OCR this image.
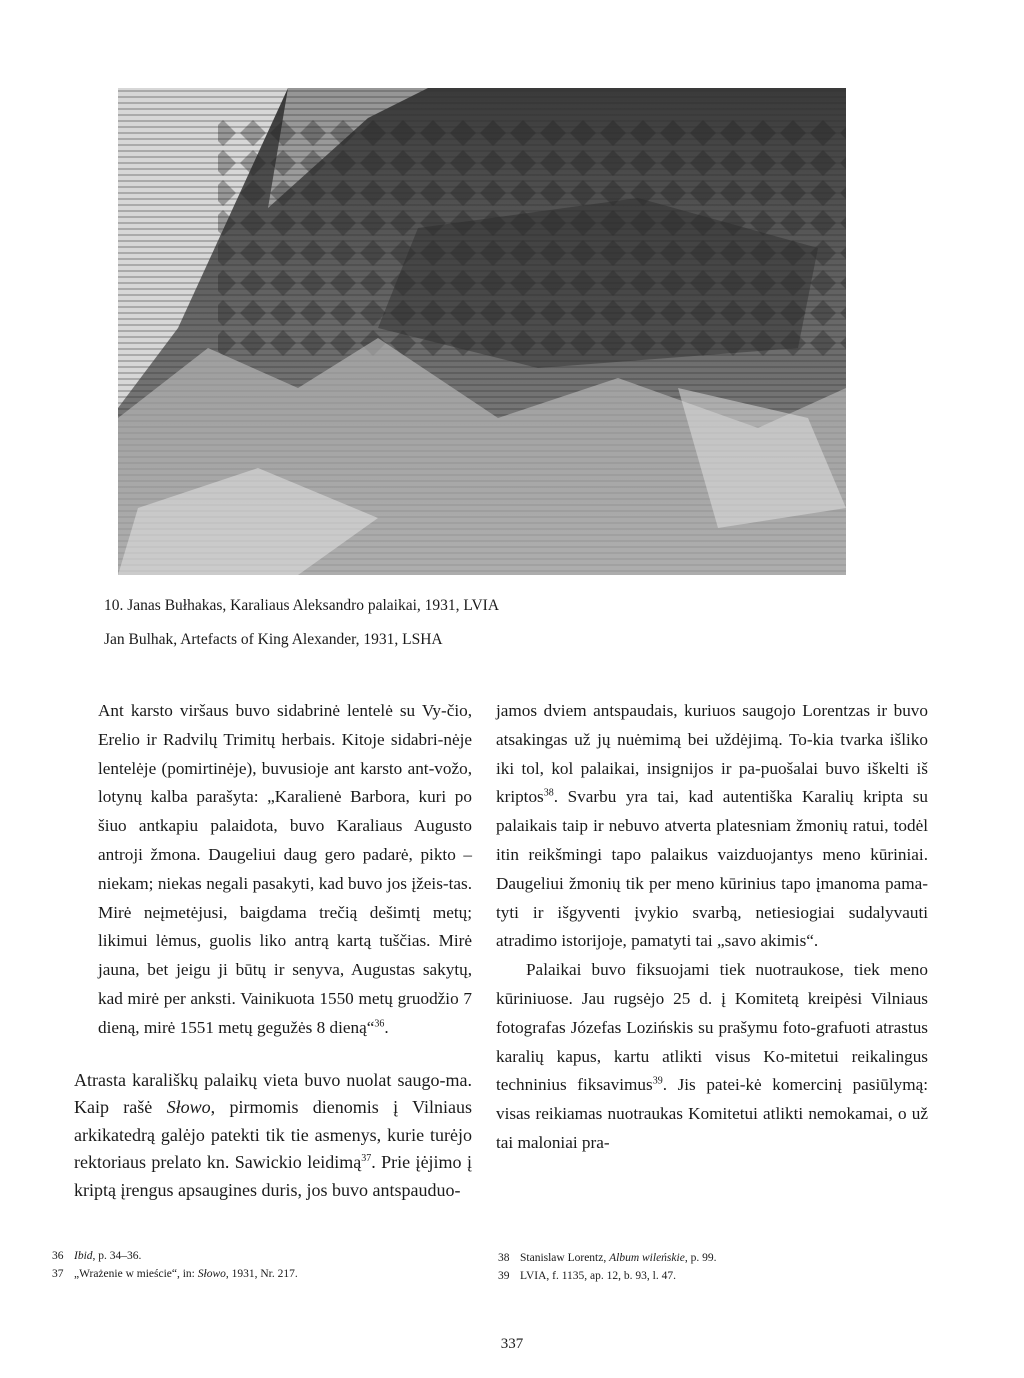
10. Janas Bułhakas, Karaliaus Aleksandro palaikai, 1931, LVIA
Jan Bulhak, Artefacts of King Alexander, 1931, LSHA

Ant karsto viršaus buvo sidabrinė lentelė su Vy-čio, Erelio ir Radvilų Trimitų herbais. Kitoje sidabri-nėje lentelėje (pomirtinėje), buvusioje ant karsto ant-vožo, lotynų kalba parašyta: „Karalienė Barbora, kuri po šiuo antkapiu palaidota, buvo Karaliaus Augusto antroji žmona. Daugeliui daug gero padarė, pikto – niekam; niekas negali pasakyti, kad buvo jos įžeis-tas. Mirė neįmetėjusi, baigdama trečią dešimtį metų; likimui lėmus, guolis liko antrą kartą tuščias. Mirė jauna, bet jeigu ji būtų ir senyva, Augustas sakytų, kad mirė per anksti. Vainikuota 1550 metų gruodžio 7 dieną, mirė 1551 metų gegužės 8 dieną“$^{36}$.

Atrasta karališkų palaikų vieta buvo nuolat saugo-ma. Kaip rašė Słowo, pirmomis dienomis į Vilniaus arkikatedrą galėjo patekti tik tie asmenys, kurie turėjo rektoriaus prelato kn. Sawickio leidimą$^{37}$. Prie įėjimo į kriptą įrengus apsaugines duris, jos buvo antspauduo-

jamos dviem antspaudais, kuriuos saugojo Lorentzas ir buvo atsakingas už jų nuėmimą bei uždėjimą. To-kia tvarka išliko iki tol, kol palaikai, insignijos ir pa-puošalai buvo iškelti iš kriptos$^{38}$. Svarbu yra tai, kad autentiška Karalių kripta su palaikais taip ir nebuvo atverta platesniam žmonių ratui, todėl itin reikšmingi tapo palaikus vaizduojantys meno kūriniai. Daugeliui žmonių tik per meno kūrinius tapo įmanoma pama-tyti ir išgyventi įvykio svarbą, netiesiogiai sudalyvauti atradimo istorijoje, pamatyti tai „savo akimis“.

Palaikai buvo fiksuojami tiek nuotraukose, tiek meno kūriniuose. Jau rugsėjo 25 d. į Komitetą kreipėsi Vilniaus fotografas Józefas Lozińskis su prašymu foto-grafuoti atrastus karalių kapus, kartu atlikti visus Ko-mitetui reikalingus techninius fiksavimus$^{39}$. Jis patei-kė komercinį pasiūlymą: visas reikiamas nuotraukas Komitetui atlikti nemokamai, o už tai maloniai pra-

36 Ibid, p. 34–36.
37 „Wrażenie w mieście“, in: Słowo, 1931, Nr. 217.
38 Stanislaw Lorentz, Album wileńskie, p. 99.
39 LVIA, f. 1135, ap. 12, b. 93, l. 47.
337
